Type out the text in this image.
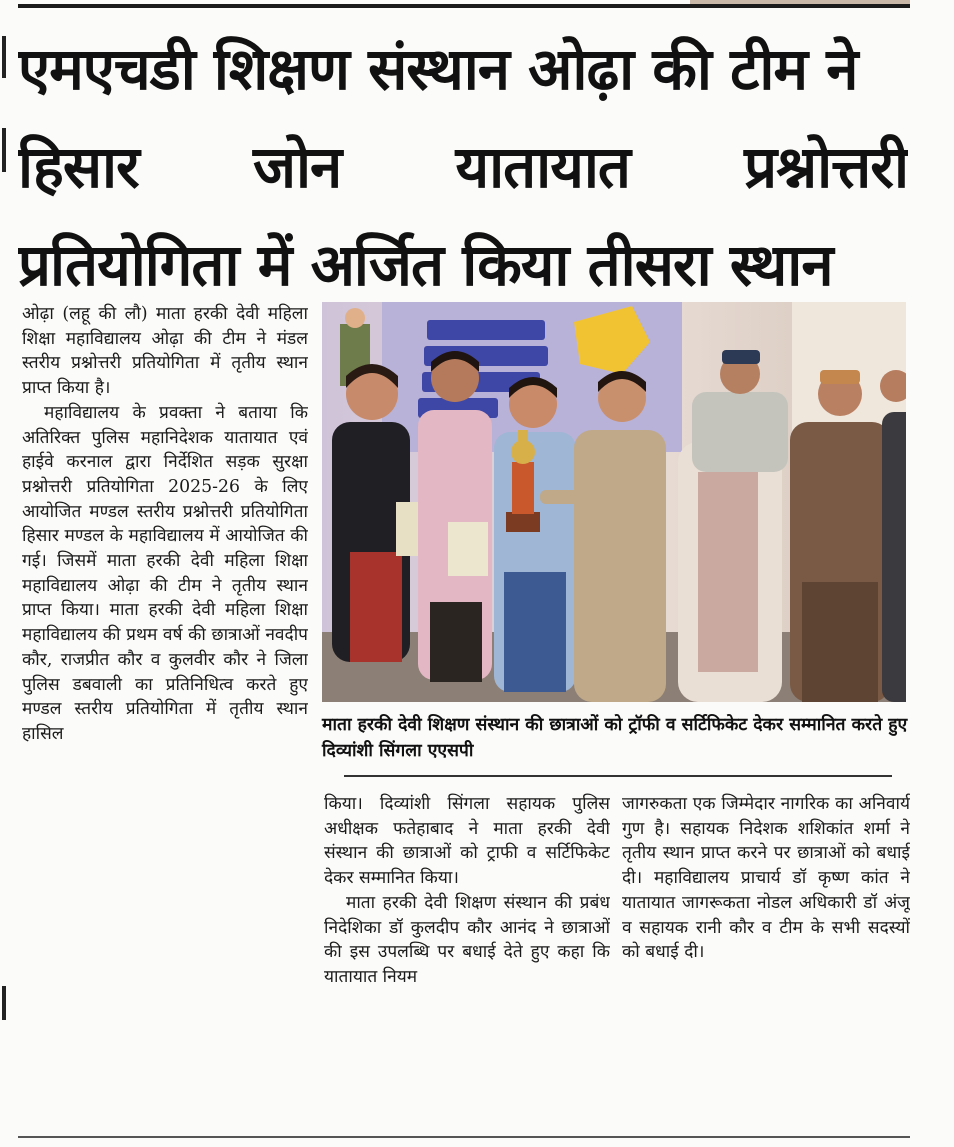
एमएचडी शिक्षण संस्थान ओढ़ा की टीम ने
हिसार जोन यातायात प्रश्नोत्तरी
प्रतियोगिता में अर्जित किया तीसरा स्थान

ओढ़ा (लहू की लौ) माता हरकी देवी महिला शिक्षा महाविद्यालय ओढ़ा की टीम ने मंडल स्तरीय प्रश्नोत्तरी प्रतियोगिता में तृतीय स्थान प्राप्त किया है।

महाविद्यालय के प्रवक्ता ने बताया कि अतिरिक्त पुलिस महानिदेशक यातायात एवं हाईवे करनाल द्वारा निर्देशित सड़क सुरक्षा प्रश्नोत्तरी प्रतियोगिता 2025-26 के लिए आयोजित मण्डल स्तरीय प्रश्नोत्तरी प्रतियोगिता हिसार मण्डल के महाविद्यालय में आयोजित की गई। जिसमें माता हरकी देवी महिला शिक्षा महाविद्यालय ओढ़ा की टीम ने तृतीय स्थान प्राप्त किया। माता हरकी देवी महिला शिक्षा महाविद्यालय की प्रथम वर्ष की छात्राओं नवदीप कौर, राजप्रीत कौर व कुलवीर कौर ने जिला पुलिस डबवाली का प्रतिनिधित्व करते हुए मण्डल स्तरीय प्रतियोगिता में तृतीय स्थान हासिल	माता हरकी देवी शिक्षण संस्थान की छात्राओं को ट्रॉफी व सर्टिफिकेट देकर सम्मानित करते हुए दिव्यांशी सिंगला एएसपी

किया। दिव्यांशी सिंगला सहायक पुलिस अधीक्षक फतेहाबाद ने माता हरकी देवी संस्थान की छात्राओं को ट्राफी व सर्टिफिकेट देकर सम्मानित किया।

माता हरकी देवी शिक्षण संस्थान की प्रबंध निदेशिका डॉ कुलदीप कौर आनंद ने छात्राओं की इस उपलब्धि पर बधाई देते हुए कहा कि यातायात नियम

जागरुकता एक जिम्मेदार नागरिक का अनिवार्य गुण है। सहायक निदेशक शशिकांत शर्मा ने तृतीय स्थान प्राप्त करने पर छात्राओं को बधाई दी। महाविद्यालय प्राचार्य डॉ कृष्ण कांत ने यातायात जागरूकता नोडल अधिकारी डॉ अंजू व सहायक रानी कौर व टीम के सभी सदस्यों को बधाई दी।
